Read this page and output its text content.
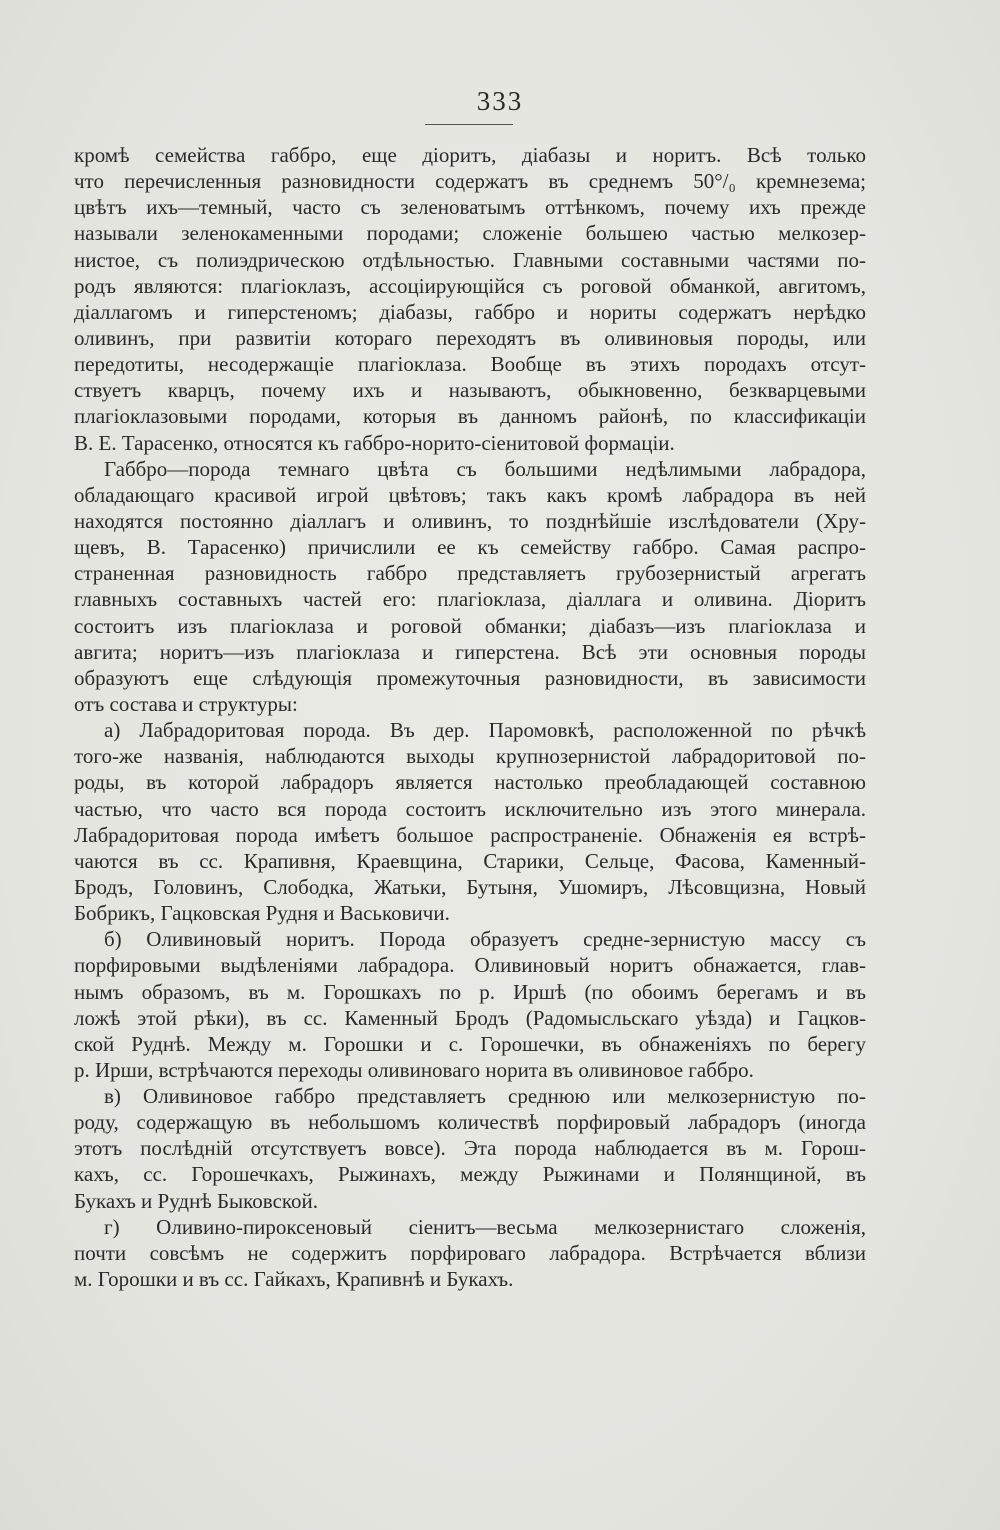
333
кромѣ семейства габбро, еще діоритъ, діабазы и норитъ. Всѣ только
что перечисленныя разновидности содержатъ въ среднемъ 50°/₀ кремнезема;
цвѣтъ ихъ—темный, часто съ зеленоватымъ оттѣнкомъ, почему ихъ прежде
называли зеленокаменными породами; сложеніе большею частью мелкозер-
нистое, съ полиэдрическою отдѣльностью. Главными составными частями по-
родъ являются: плагіоклазъ, ассоціирующійся съ роговой обманкой, авгитомъ,
діаллагомъ и гиперстеномъ; діабазы, габбро и нориты содержатъ нерѣдко
оливинъ, при развитіи котораго переходятъ въ оливиновыя породы, или
передотиты, несодержащіе плагіоклаза. Вообще въ этихъ породахъ отсут-
ствуетъ кварцъ, почему ихъ и называютъ, обыкновенно, безкварцевыми
плагіоклазовыми породами, которыя въ данномъ районѣ, по классификаціи
В. Е. Тарасенко, относятся къ габбро-норито-сіенитовой формаціи.
Габбро—порода темнаго цвѣта съ большими недѣлимыми лабрадора,
обладающаго красивой игрой цвѣтовъ; такъ какъ кромѣ лабрадора въ ней
находятся постоянно діаллагъ и оливинъ, то позднѣйшіе изслѣдователи (Хру-
щевъ, В. Тарасенко) причислили ее къ семейству габбро. Самая распро-
страненная разновидность габбро представляетъ грубозернистый агрегатъ
главныхъ составныхъ частей его: плагіоклаза, діаллага и оливина. Діоритъ
состоитъ изъ плагіоклаза и роговой обманки; діабазъ—изъ плагіоклаза и
авгита; норитъ—изъ плагіоклаза и гиперстена. Всѣ эти основныя породы
образуютъ еще слѣдующія промежуточныя разновидности, въ зависимости
отъ состава и структуры:
а) Лабрадоритовая порода. Въ дер. Паромовкѣ, расположенной по рѣчкѣ
того-же названія, наблюдаются выходы крупнозернистой лабрадоритовой по-
роды, въ которой лабрадоръ является настолько преобладающей составною
частью, что часто вся порода состоитъ исключительно изъ этого минерала.
Лабрадоритовая порода имѣетъ большое распространеніе. Обнаженія ея встрѣ-
чаются въ сс. Крапивня, Краевщина, Старики, Сельце, Фасова, Каменный-
Бродъ, Головинъ, Слободка, Жатьки, Бутыня, Ушомиръ, Лѣсовщизна, Новый
Бобрикъ, Гацковская Рудня и Васьковичи.
б) Оливиновый норитъ. Порода образуетъ средне-зернистую массу съ
порфировыми выдѣленіями лабрадора. Оливиновый норитъ обнажается, глав-
нымъ образомъ, въ м. Горошкахъ по р. Иршѣ (по обоимъ берегамъ и въ
ложѣ этой рѣки), въ сс. Каменный Бродъ (Радомысльскаго уѣзда) и Гацков-
ской Руднѣ. Между м. Горошки и с. Горошечки, въ обнаженіяхъ по берегу
р. Ирши, встрѣчаются переходы оливиноваго норита въ оливиновое габбро.
в) Оливиновое габбро представляетъ среднюю или мелкозернистую по-
роду, содержащую въ небольшомъ количествѣ порфировый лабрадоръ (иногда
этотъ послѣдній отсутствуетъ вовсе). Эта порода наблюдается въ м. Горош-
кахъ, сс. Горошечкахъ, Рыжинахъ, между Рыжинами и Полянщиной, въ
Букахъ и Руднѣ Быковской.
г) Оливино-пироксеновый сіенитъ—весьма мелкозернистаго сложенія,
почти совсѣмъ не содержитъ порфироваго лабрадора. Встрѣчается вблизи
м. Горошки и въ сс. Гайкахъ, Крапивнѣ и Букахъ.
